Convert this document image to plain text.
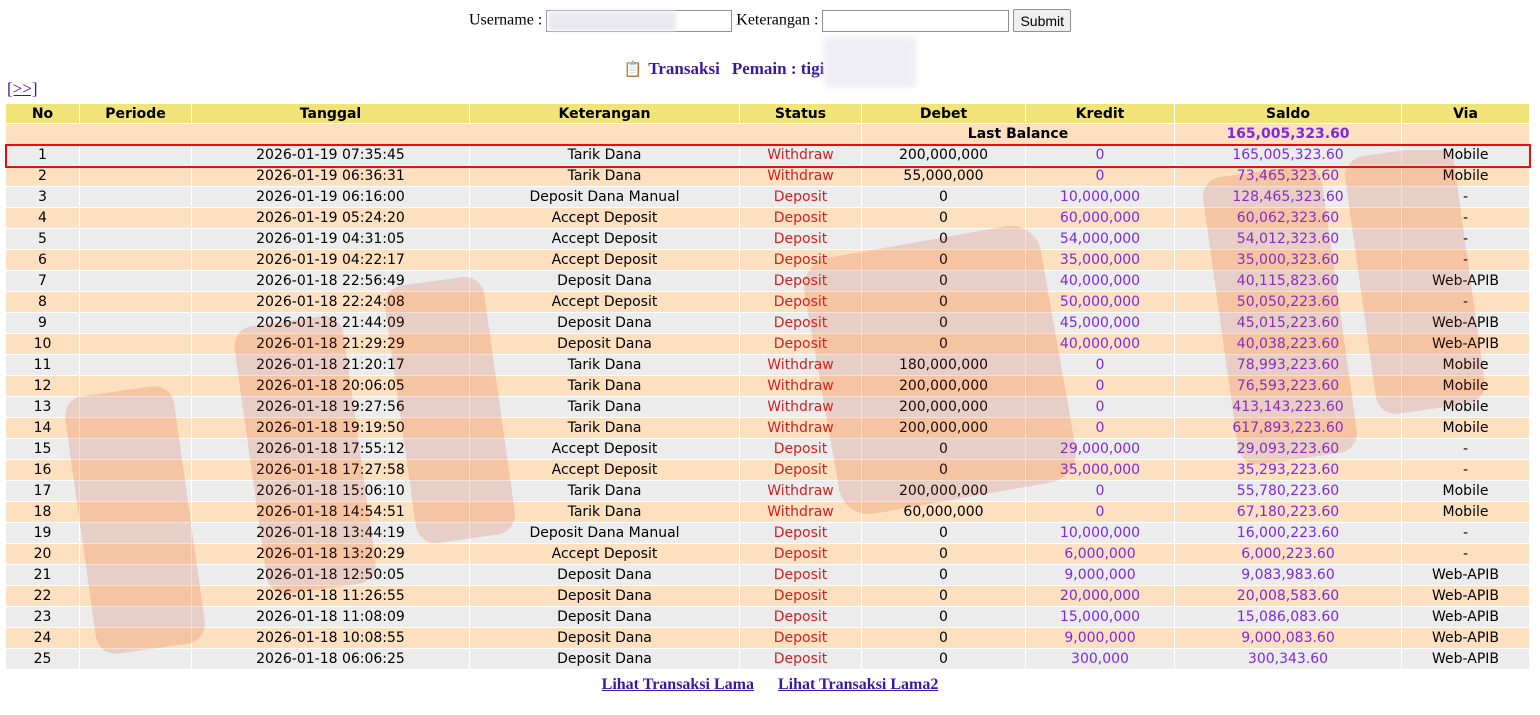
Username :	Keterangan :	Submit
📋 Transaksi Pemain : tigi
[>>]
No	Periode	Tanggal	Keterangan	Status	Debet	Kredit	Saldo	Via
					Last Balance		165,005,323.60	
1		2026-01-19 07:35:45	Tarik Dana	Withdraw	200,000,000	0	165,005,323.60	Mobile
2		2026-01-19 06:36:31	Tarik Dana	Withdraw	55,000,000	0	73,465,323.60	Mobile
3		2026-01-19 06:16:00	Deposit Dana Manual	Deposit	0	10,000,000	128,465,323.60	-
4		2026-01-19 05:24:20	Accept Deposit	Deposit	0	60,000,000	60,062,323.60	-
5		2026-01-19 04:31:05	Accept Deposit	Deposit	0	54,000,000	54,012,323.60	-
6		2026-01-19 04:22:17	Accept Deposit	Deposit	0	35,000,000	35,000,323.60	-
7		2026-01-18 22:56:49	Deposit Dana	Deposit	0	40,000,000	40,115,823.60	Web-APIB
8		2026-01-18 22:24:08	Accept Deposit	Deposit	0	50,000,000	50,050,223.60	-
9		2026-01-18 21:44:09	Deposit Dana	Deposit	0	45,000,000	45,015,223.60	Web-APIB
10		2026-01-18 21:29:29	Deposit Dana	Deposit	0	40,000,000	40,038,223.60	Web-APIB
11		2026-01-18 21:20:17	Tarik Dana	Withdraw	180,000,000	0	78,993,223.60	Mobile
12		2026-01-18 20:06:05	Tarik Dana	Withdraw	200,000,000	0	76,593,223.60	Mobile
13		2026-01-18 19:27:56	Tarik Dana	Withdraw	200,000,000	0	413,143,223.60	Mobile
14		2026-01-18 19:19:50	Tarik Dana	Withdraw	200,000,000	0	617,893,223.60	Mobile
15		2026-01-18 17:55:12	Accept Deposit	Deposit	0	29,000,000	29,093,223.60	-
16		2026-01-18 17:27:58	Accept Deposit	Deposit	0	35,000,000	35,293,223.60	-
17		2026-01-18 15:06:10	Tarik Dana	Withdraw	200,000,000	0	55,780,223.60	Mobile
18		2026-01-18 14:54:51	Tarik Dana	Withdraw	60,000,000	0	67,180,223.60	Mobile
19		2026-01-18 13:44:19	Deposit Dana Manual	Deposit	0	10,000,000	16,000,223.60	-
20		2026-01-18 13:20:29	Accept Deposit	Deposit	0	6,000,000	6,000,223.60	-
21		2026-01-18 12:50:05	Deposit Dana	Deposit	0	9,000,000	9,083,983.60	Web-APIB
22		2026-01-18 11:26:55	Deposit Dana	Deposit	0	20,000,000	20,008,583.60	Web-APIB
23		2026-01-18 11:08:09	Deposit Dana	Deposit	0	15,000,000	15,086,083.60	Web-APIB
24		2026-01-18 10:08:55	Deposit Dana	Deposit	0	9,000,000	9,000,083.60	Web-APIB
25		2026-01-18 06:06:25	Deposit Dana	Deposit	0	300,000	300,343.60	Web-APIB
Lihat Transaksi Lama Lihat Transaksi Lama2
